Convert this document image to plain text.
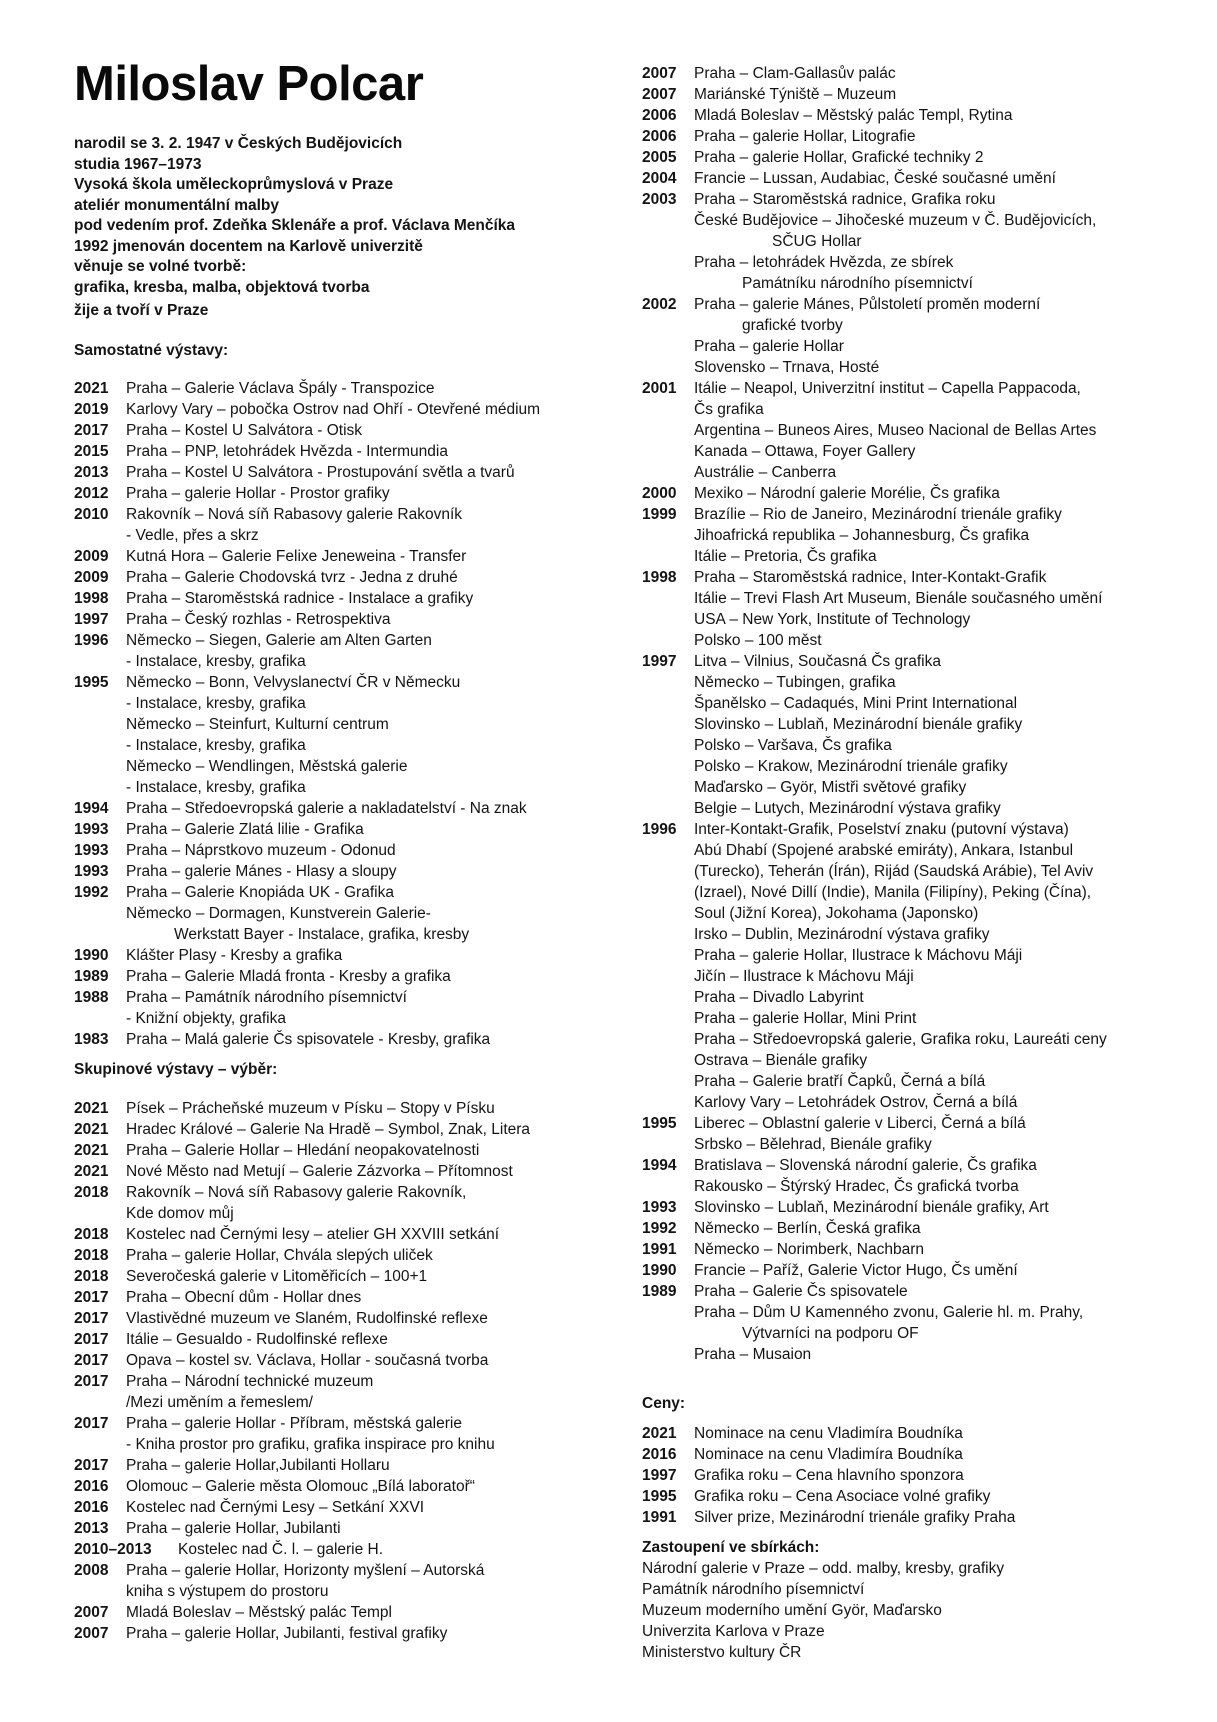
Miloslav Polcar
narodil se 3. 2. 1947 v Českých Budějovicích
studia 1967–1973
Vysoká škola uměleckoprůmyslová v Praze
ateliér monumentální malby
pod vedením prof. Zdeňka Sklenáře a prof. Václava Menčíka
1992 jmenován docentem na Karlově univerzitě
věnuje se volné tvorbě:
grafika, kresba, malba, objektová tvorba
žije a tvoří v Praze
Samostatné výstavy:
2021	Praha – Galerie Václava Špály - Transpozice
2019	Karlovy Vary – pobočka Ostrov nad Ohří - Otevřené médium
2017	Praha – Kostel U Salvátora - Otisk
2015	Praha – PNP, letohrádek Hvězda - Intermundia
2013	Praha – Kostel U Salvátora - Prostupování světla a tvarů
2012	Praha – galerie Hollar - Prostor grafiky
2010	Rakovník – Nová síň Rabasovy galerie Rakovník
- Vedle, přes a skrz
2009	Kutná Hora – Galerie Felixe Jeneweina - Transfer
2009	Praha – Galerie Chodovská tvrz - Jedna z druhé
1998	Praha – Staroměstská radnice - Instalace a grafiky
1997	Praha – Český rozhlas - Retrospektiva
1996	Německo – Siegen, Galerie am Alten Garten
- Instalace, kresby, grafika
1995	Německo – Bonn, Velvyslanectví ČR v Německu
- Instalace, kresby, grafika
Německo – Steinfurt, Kulturní centrum
- Instalace, kresby, grafika
Německo – Wendlingen, Městská galerie
- Instalace, kresby, grafika
1994	Praha – Středoevropská galerie a nakladatelství - Na znak
1993	Praha – Galerie Zlatá lilie - Grafika
1993	Praha – Náprstkovo muzeum - Odonud
1993	Praha – galerie Mánes - Hlasy a sloupy
1992	Praha – Galerie Knopiáda UK - Grafika
Německo – Dormagen, Kunstverein Galerie-
Werkstatt Bayer - Instalace, grafika, kresby
1990	Klášter Plasy - Kresby a grafika
1989	Praha – Galerie Mladá fronta - Kresby a grafika
1988	Praha – Památník národního písemnictví
- Knižní objekty, grafika
1983	Praha – Malá galerie Čs spisovatele - Kresby, grafika
Skupinové výstavy – výběr:
2021	Písek – Prácheňské muzeum v Písku – Stopy v Písku
2021	Hradec Králové – Galerie Na Hradě – Symbol, Znak, Litera
2021	Praha – Galerie Hollar – Hledání neopakovatelnosti
2021	Nové Město nad Metují – Galerie Zázvorka – Přítomnost
2018	Rakovník – Nová síň Rabasovy galerie Rakovník,
Kde domov můj
2018	Kostelec nad Černými lesy – atelier GH XXVIII setkání
2018	Praha – galerie Hollar, Chvála slepých uliček
2018	Severočeská galerie v Litoměřicích – 100+1
2017	Praha – Obecní dům - Hollar dnes
2017	Vlastivědné muzeum ve Slaném, Rudolfinské reflexe
2017	Itálie – Gesualdo - Rudolfinské reflexe
2017	Opava – kostel sv. Václava, Hollar - současná tvorba
2017	Praha – Národní technické muzeum
/Mezi uměním a řemeslem/
2017	Praha – galerie Hollar - Příbram, městská galerie
- Kniha prostor pro grafiku, grafika inspirace pro knihu
2017	Praha – galerie Hollar,Jubilanti Hollaru
2016	Olomouc – Galerie města Olomouc „Bílá laboratoř“
2016	Kostelec nad Černými Lesy – Setkání XXVI
2013	Praha – galerie Hollar, Jubilanti
2010–2013	Kostelec nad Č. l. – galerie H.
2008	Praha – galerie Hollar, Horizonty myšlení – Autorská
kniha s výstupem do prostoru
2007	Mladá Boleslav – Městský palác Templ
2007	Praha – galerie Hollar, Jubilanti, festival grafiky
2007	Praha – Clam-Gallasův palác
2007	Mariánské Týniště – Muzeum
2006	Mladá Boleslav – Městský palác Templ, Rytina
2006	Praha – galerie Hollar, Litografie
2005	Praha – galerie Hollar, Grafické techniky 2
2004	Francie – Lussan, Audabiac, České současné umění
2003	Praha – Staroměstská radnice, Grafika roku
České Budějovice – Jihočeské muzeum v Č. Budějovicích,
SČUG Hollar
Praha – letohrádek Hvězda, ze sbírek
Památníku národního písemnictví
2002	Praha – galerie Mánes, Půlstoletí proměn moderní
grafické tvorby
Praha – galerie Hollar
Slovensko – Trnava, Hosté
2001	Itálie – Neapol, Univerzitní institut – Capella Pappacoda,
Čs grafika
Argentina – Buneos Aires, Museo Nacional de Bellas Artes
Kanada – Ottawa, Foyer Gallery
Austrálie – Canberra
2000	Mexiko – Národní galerie Morélie, Čs grafika
1999	Brazílie – Rio de Janeiro, Mezinárodní trienále grafiky
Jihoafrická republika – Johannesburg, Čs grafika
Itálie – Pretoria, Čs grafika
1998	Praha – Staroměstská radnice, Inter-Kontakt-Grafik
Itálie – Trevi Flash Art Museum, Bienále současného umění
USA – New York, Institute of Technology
Polsko – 100 měst
1997	Litva – Vilnius, Současná Čs grafika
Německo – Tubingen, grafika
Španělsko – Cadaqués, Mini Print International
Slovinsko – Lublaň, Mezinárodní bienále grafiky
Polsko – Varšava, Čs grafika
Polsko – Krakow, Mezinárodní trienále grafiky
Maďarsko – Györ, Mistři světové grafiky
Belgie – Lutych, Mezinárodní výstava grafiky
1996	Inter-Kontakt-Grafik, Poselství znaku (putovní výstava)
Abú Dhabí (Spojené arabské emiráty), Ankara, Istanbul
(Turecko), Teherán (Írán), Rijád (Saudská Arábie), Tel Aviv
(Izrael), Nové Dillí (Indie), Manila (Filipíny), Peking (Čína),
Soul (Jižní Korea), Jokohama (Japonsko)
Irsko – Dublin, Mezinárodní výstava grafiky
Praha – galerie Hollar, Ilustrace k Máchovu Máji
Jičín – Ilustrace k Máchovu Máji
Praha – Divadlo Labyrint
Praha – galerie Hollar, Mini Print
Praha – Středoevropská galerie, Grafika roku, Laureáti ceny
Ostrava – Bienále grafiky
Praha – Galerie bratří Čapků, Černá a bílá
Karlovy Vary – Letohrádek Ostrov, Černá a bílá
1995	Liberec – Oblastní galerie v Liberci, Černá a bílá
Srbsko – Bělehrad, Bienále grafiky
1994	Bratislava – Slovenská národní galerie, Čs grafika
Rakousko – Štýrský Hradec, Čs grafická tvorba
1993	Slovinsko – Lublaň, Mezinárodní bienále grafiky, Art
1992	Německo – Berlín, Česká grafika
1991	Německo – Norimberk, Nachbarn
1990	Francie – Paříž, Galerie Victor Hugo, Čs umění
1989	Praha – Galerie Čs spisovatele
Praha – Dům U Kamenného zvonu, Galerie hl. m. Prahy,
Výtvarníci na podporu OF
Praha – Musaion
Ceny:
2021	Nominace na cenu Vladimíra Boudníka
2016	Nominace na cenu Vladimíra Boudníka
1997	Grafika roku – Cena hlavního sponzora
1995	Grafika roku – Cena Asociace volné grafiky
1991	Silver prize, Mezinárodní trienále grafiky Praha
Zastoupení ve sbírkách:
Národní galerie v Praze – odd. malby, kresby, grafiky
Památník národního písemnictví
Muzeum moderního umění Györ, Maďarsko
Univerzita Karlova v Praze
Ministerstvo kultury ČR
